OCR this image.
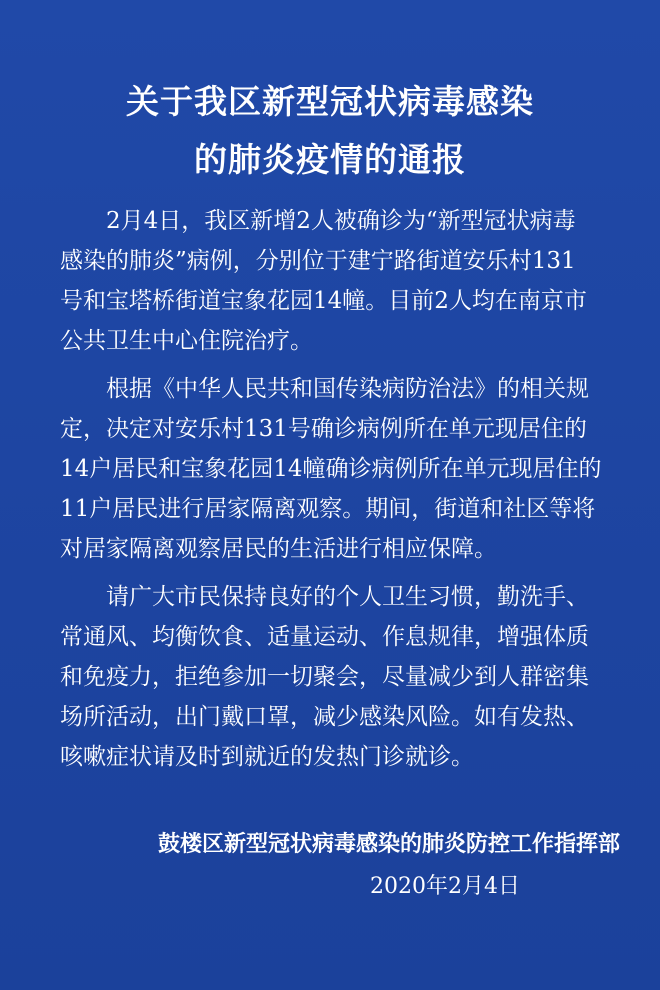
关于我区新型冠状病毒感染
的肺炎疫情的通报
2月4日，我区新增2人被确诊为“新型冠状病毒
感染的肺炎”病例，分别位于建宁路街道安乐村131
号和宝塔桥街道宝象花园14幢。目前2人均在南京市
公共卫生中心住院治疗。
根据《中华人民共和国传染病防治法》的相关规
定，决定对安乐村131号确诊病例所在单元现居住的
14户居民和宝象花园14幢确诊病例所在单元现居住的
11户居民进行居家隔离观察。期间，街道和社区等将
对居家隔离观察居民的生活进行相应保障。
请广大市民保持良好的个人卫生习惯，勤洗手、
常通风、均衡饮食、适量运动、作息规律，增强体质
和免疫力，拒绝参加一切聚会，尽量减少到人群密集
场所活动，出门戴口罩，减少感染风险。如有发热、
咳嗽症状请及时到就近的发热门诊就诊。
鼓楼区新型冠状病毒感染的肺炎防控工作指挥部
2020年2月4日
